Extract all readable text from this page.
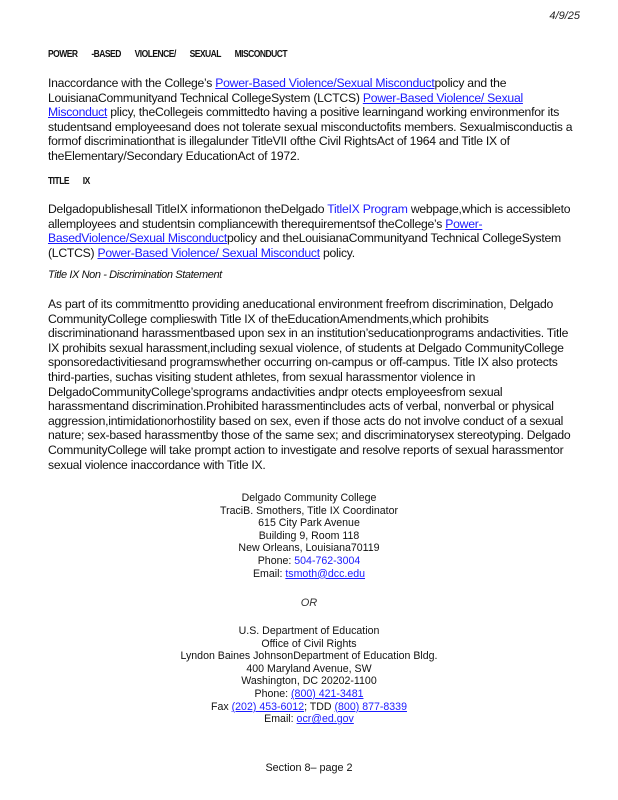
4/9/25
POWER -BASED VIOLENCE/ SEXUAL MISCONDUCT
Inaccordance with the College’s Power-Based Violence/Sexual Misconductpolicy and the LouisianaCommunityand Technical CollegeSystem (LCTCS) Power-Based Violence/ Sexual Misconduct plicy, theCollegeis committedto having a positive learningand working environmenfor its studentsand employeesand does not tolerate sexual misconductofits members. Sexualmisconductis a formof discriminationthat is illegalunder TitleVII ofthe Civil RightsAct of 1964 and Title IX of theElementary/Secondary EducationAct of 1972.
TITLE IX
Delgadopublishesall TitleIX informationon theDelgado TitleIX Program webpage,which is accessibleto allemployees and studentsin compliancewith therequirementsof theCollege’s Power-BasedViolence/Sexual Misconductpolicy and theLouisianaCommunityand Technical CollegeSystem (LCTCS) Power-Based Violence/ Sexual Misconduct policy.
Title IX Non - Discrimination Statement
As part of its commitmentto providing aneducational environment freefrom discrimination, Delgado CommunityCollege complieswith Title IX of theEducationAmendments,which prohibits discriminationand harassmentbased upon sex in an institution’seducationprograms andactivities. Title IX prohibits sexual harassment,including sexual violence, of students at Delgado CommunityCollege sponsoredactivitiesand programswhether occurring on-campus or off-campus. Title IX also protects third-parties, suchas visiting student athletes, from sexual harassmentor violence in DelgadoCommunityCollege’sprograms andactivities andpr otects employeesfrom sexual harassmentand discrimination.Prohibited harassmentincludes acts of verbal, nonverbal or physical aggression,intimidationorhostility based on sex, even if those acts do not involve conduct of a sexual nature; sex-based harassmentby those of the same sex; and discriminatorysex stereotyping. Delgado CommunityCollege will take prompt action to investigate and resolve reports of sexual harassmentor sexual violence inaccordance with Title IX.
Delgado Community College
TraciB. Smothers, Title IX Coordinator
615 City Park Avenue
Building 9, Room 118
New Orleans, Louisiana70119
Phone: 504-762-3004
Email: tsmoth@dcc.edu
OR
U.S. Department of Education
Office of Civil Rights
Lyndon Baines JohnsonDepartment of Education Bldg.
400 Maryland Avenue, SW
Washington, DC 20202-1100
Phone: (800) 421-3481
Fax (202) 453-6012; TDD (800) 877-8339
Email: ocr@ed.gov
Section 8– page 2
